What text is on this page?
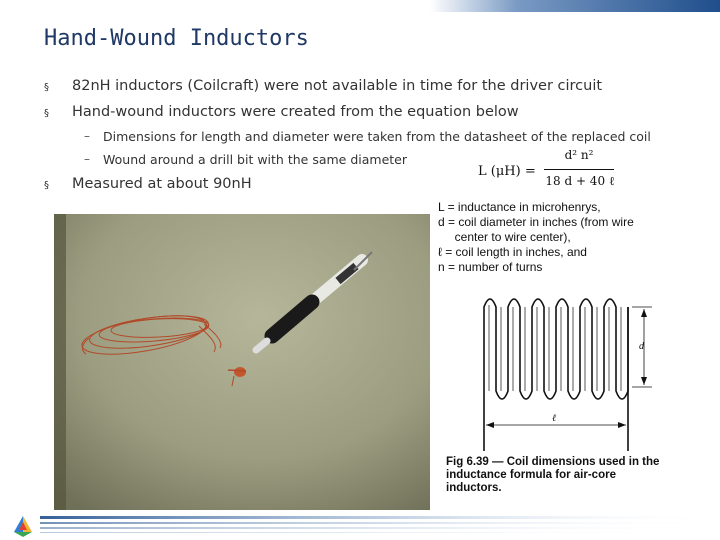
Hand-Wound Inductors
§ 82nH inductors (Coilcraft) were not available in time for the driver circuit
§ Hand-wound inductors were created from the equation below
– Dimensions for length and diameter were taken from the datasheet of the replaced coil
– Wound around a drill bit with the same diameter
§ Measured at about 90nH
L (μH) =
d² n²
18 d + 40 ℓ
L = inductance in microhenrys,
d = coil diameter in inches (from wire
center to wire center),
ℓ = coil length in inches, and
n = number of turns
d
ℓ
Fig 6.39 — Coil dimensions used in the
inductance formula for air-core
inductors.
